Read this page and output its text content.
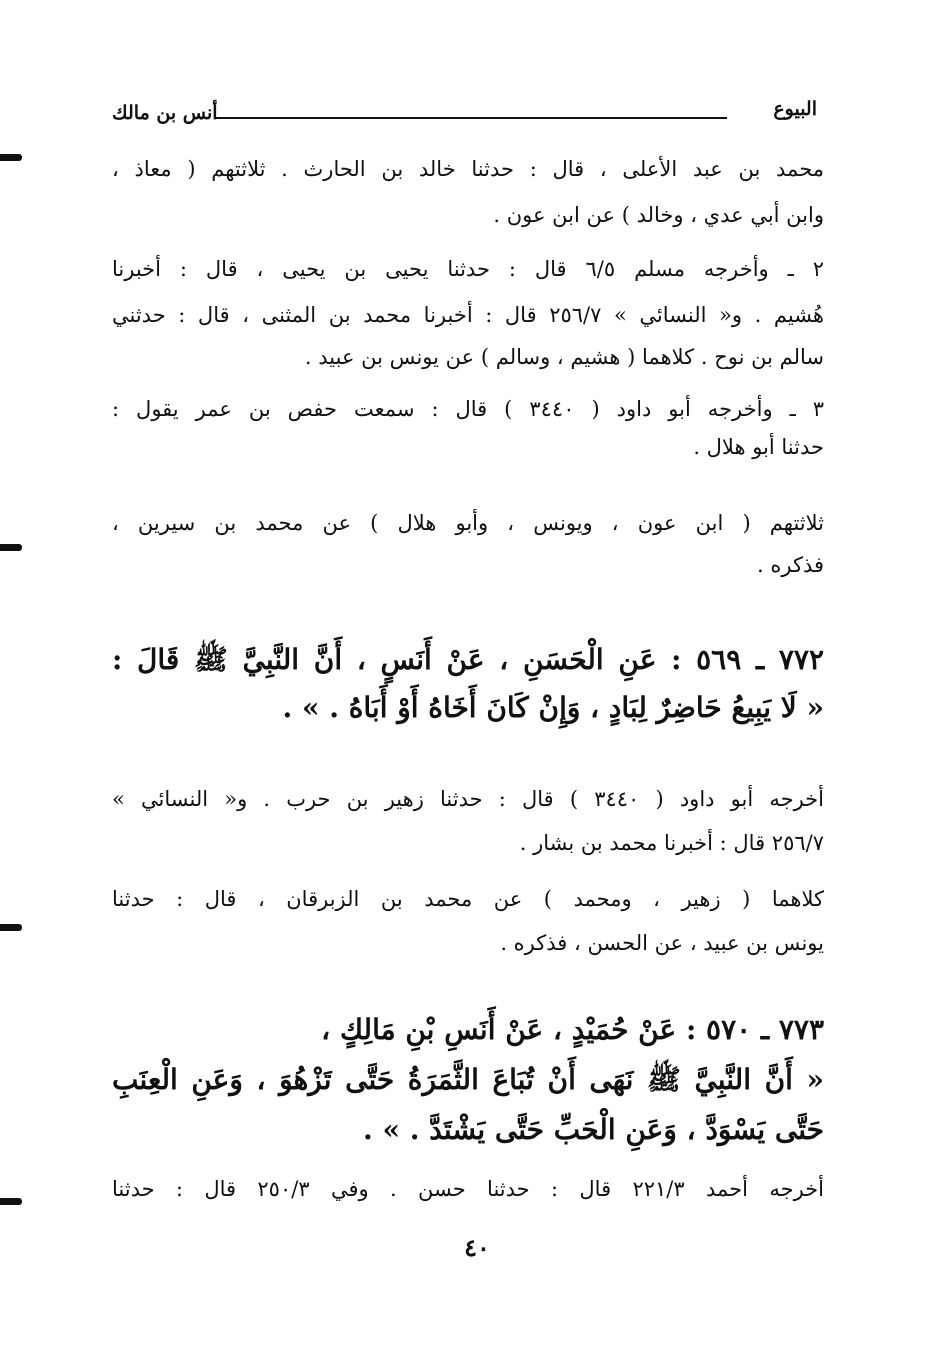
البيوع
أنس بن مالك
محمد بن عبد الأعلى ، قال : حدثنا خالد بن الحارث . ثلاثتهم ( معاذ ،
وابن أبي عدي ، وخالد ) عن ابن عون .
٢ ـ وأخرجه مسلم ٦/٥ قال : حدثنا يحيى بن يحيى ، قال : أخبرنا
هُشيم . و« النسائي » ٢٥٦/٧ قال : أخبرنا محمد بن المثنى ، قال : حدثني
سالم بن نوح . كلاهما ( هشيم ، وسالم ) عن يونس بن عبيد .
٣ ـ وأخرجه أبو داود ( ٣٤٤٠ ) قال : سمعت حفص بن عمر يقول :
حدثنا أبو هلال .
ثلاثتهم ( ابن عون ، ويونس ، وأبو هلال ) عن محمد بن سيرين ،
فذكره .
٧٧٢ ـ ٥٦٩ : عَنِ الْحَسَنِ ، عَنْ أَنَسٍ ، أَنَّ النَّبِيَّ ﷺ قَالَ :
« لَا يَبِيعُ حَاضِرٌ لِبَادٍ ، وَإِنْ كَانَ أَخَاهُ أَوْ أَبَاهُ . » .
أخرجه أبو داود ( ٣٤٤٠ ) قال : حدثنا زهير بن حرب . و« النسائي »
٢٥٦/٧ قال : أخبرنا محمد بن بشار .
كلاهما ( زهير ، ومحمد ) عن محمد بن الزبرقان ، قال : حدثنا
يونس بن عبيد ، عن الحسن ، فذكره .
٧٧٣ ـ ٥٧٠ : عَنْ حُمَيْدٍ ، عَنْ أَنَسِ بْنِ مَالِكٍ ،
« أَنَّ النَّبِيَّ ﷺ نَهَى أَنْ تُبَاعَ الثَّمَرَةُ حَتَّى تَزْهُوَ ، وَعَنِ الْعِنَبِ
حَتَّى يَسْوَدَّ ، وَعَنِ الْحَبِّ حَتَّى يَشْتَدَّ . » .
أخرجه أحمد ٢٢١/٣ قال : حدثنا حسن . وفي ٢٥٠/٣ قال : حدثنا
٤٠
